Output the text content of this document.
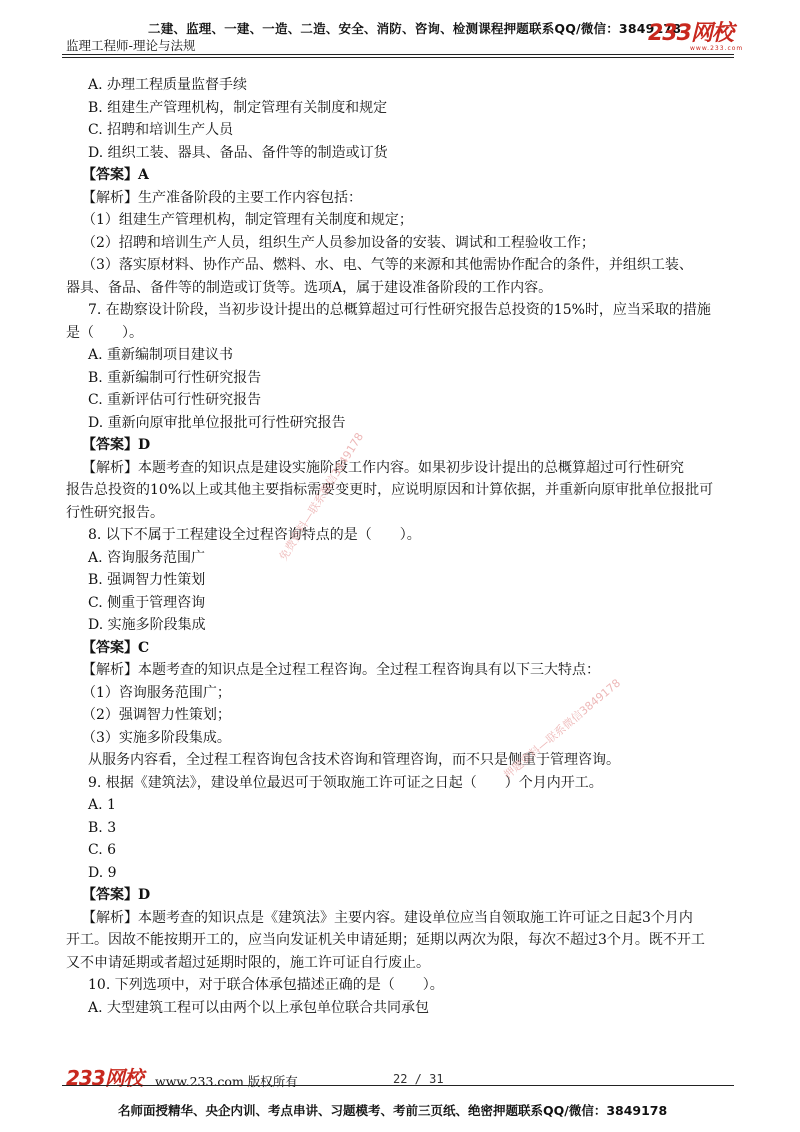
二建、监理、一建、一造、二造、安全、消防、咨询、检测课程押题联系QQ/微信：3849178
监理工程师-理论与法规	233网校
www.233.com
A. 办理工程质量监督手续
B. 组建生产管理机构，制定管理有关制度和规定
C. 招聘和培训生产人员
D. 组织工装、器具、备品、备件等的制造或订货
【答案】A
【解析】生产准备阶段的主要工作内容包括：
（1）组建生产管理机构，制定管理有关制度和规定；
（2）招聘和培训生产人员，组织生产人员参加设备的安装、调试和工程验收工作；
（3）落实原材料、协作产品、燃料、水、电、气等的来源和其他需协作配合的条件，并组织工装、
器具、备品、备件等的制造或订货等。选项A，属于建设准备阶段的工作内容。
7. 在勘察设计阶段，当初步设计提出的总概算超过可行性研究报告总投资的15%时，应当采取的措施
是（　　）。
A. 重新编制项目建议书
B. 重新编制可行性研究报告
C. 重新评估可行性研究报告
D. 重新向原审批单位报批可行性研究报告
【答案】D
【解析】本题考查的知识点是建设实施阶段工作内容。如果初步设计提出的总概算超过可行性研究
报告总投资的10%以上或其他主要指标需要变更时，应说明原因和计算依据，并重新向原审批单位报批可
行性研究报告。
8. 以下不属于工程建设全过程咨询特点的是（　　）。
A. 咨询服务范围广
B. 强调智力性策划
C. 侧重于管理咨询
D. 实施多阶段集成
【答案】C
【解析】本题考查的知识点是全过程工程咨询。全过程工程咨询具有以下三大特点：
（1）咨询服务范围广；
（2）强调智力性策划；
（3）实施多阶段集成。
从服务内容看，全过程工程咨询包含技术咨询和管理咨询，而不只是侧重于管理咨询。
9. 根据《建筑法》，建设单位最迟可于领取施工许可证之日起（　　）个月内开工。
A. 1
B. 3
C. 6
D. 9
【答案】D
【解析】本题考查的知识点是《建筑法》主要内容。建设单位应当自领取施工许可证之日起3个月内
开工。因故不能按期开工的，应当向发证机关申请延期；延期以两次为限，每次不超过3个月。既不开工
又不申请延期或者超过延期时限的，施工许可证自行废止。
10. 下列选项中，对于联合体承包描述正确的是（　　）。
A. 大型建筑工程可以由两个以上承包单位联合共同承包
免费资料—联系微信3849178
押题资料—联系微信3849178
233网校 www.233.com 版权所有	22 / 31
名师面授精华、央企内训、考点串讲、习题模考、考前三页纸、绝密押题联系QQ/微信：3849178
